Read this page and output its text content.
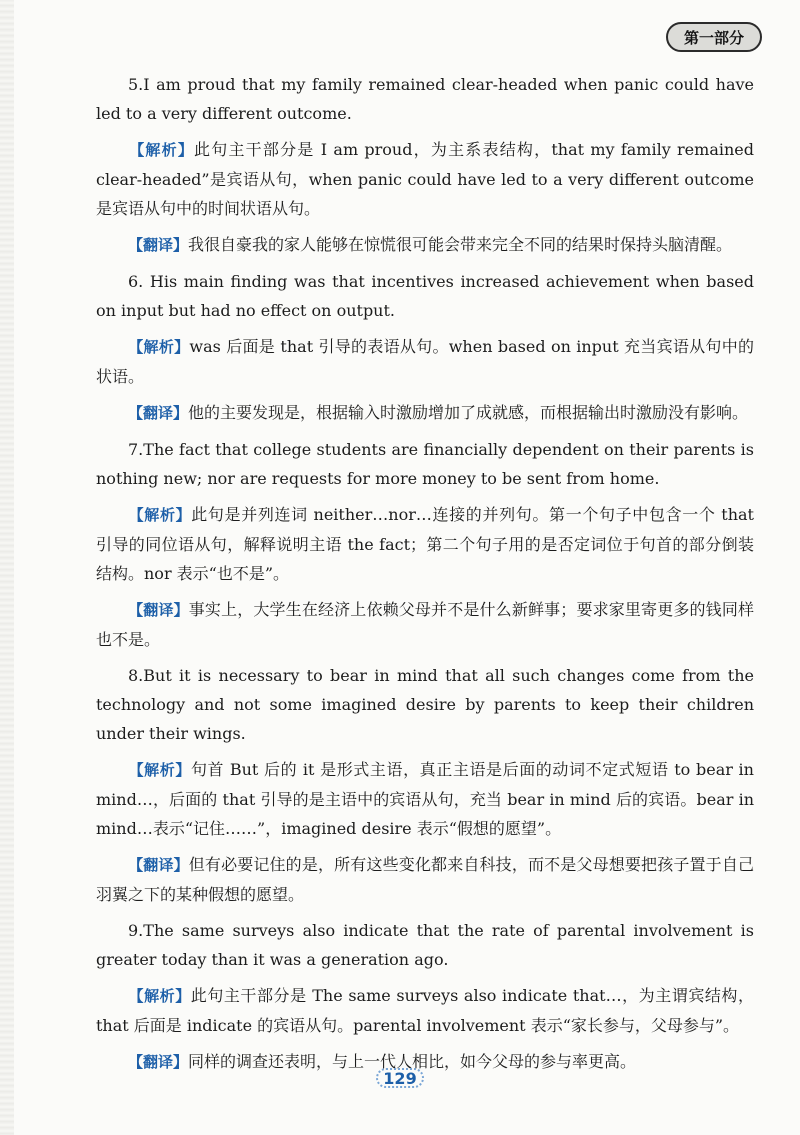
第一部分

5.I am proud that my family remained clear-headed when panic could have led to a very different outcome.

【解析】此句主干部分是 I am proud，为主系表结构，that my family remained clear-headed”是宾语从句，when panic could have led to a very different outcome 是宾语从句中的时间状语从句。

【翻译】我很自豪我的家人能够在惊慌很可能会带来完全不同的结果时保持头脑清醒。

6. His main finding was that incentives increased achievement when based on input but had no effect on output.

【解析】was 后面是 that 引导的表语从句。when based on input 充当宾语从句中的状语。

【翻译】他的主要发现是，根据输入时激励增加了成就感，而根据输出时激励没有影响。

7.The fact that college students are financially dependent on their parents is nothing new; nor are requests for more money to be sent from home.

【解析】此句是并列连词 neither…nor…连接的并列句。第一个句子中包含一个 that 引导的同位语从句，解释说明主语 the fact；第二个句子用的是否定词位于句首的部分倒装结构。nor 表示“也不是”。

【翻译】事实上，大学生在经济上依赖父母并不是什么新鲜事；要求家里寄更多的钱同样也不是。

8.But it is necessary to bear in mind that all such changes come from the technology and not some imagined desire by parents to keep their children under their wings.

【解析】句首 But 后的 it 是形式主语，真正主语是后面的动词不定式短语 to bear in mind…，后面的 that 引导的是主语中的宾语从句，充当 bear in mind 后的宾语。bear in mind…表示“记住……”，imagined desire 表示“假想的愿望”。

【翻译】但有必要记住的是，所有这些变化都来自科技，而不是父母想要把孩子置于自己羽翼之下的某种假想的愿望。

9.The same surveys also indicate that the rate of parental involvement is greater today than it was a generation ago.

【解析】此句主干部分是 The same surveys also indicate that…，为主谓宾结构，that 后面是 indicate 的宾语从句。parental involvement 表示“家长参与，父母参与”。

【翻译】同样的调查还表明，与上一代人相比，如今父母的参与率更高。

129
